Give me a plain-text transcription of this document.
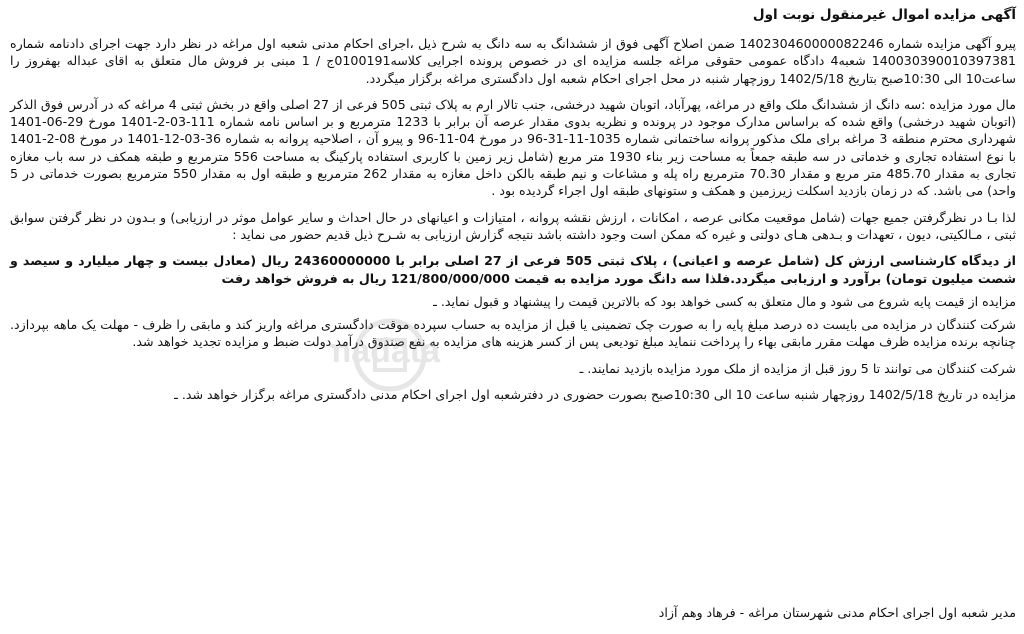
آگهی مزایده اموال غیرمنقول نوبت اول

پیرو آگهی مزایده شماره 140230460000082246 ضمن اصلاح آگهی فوق از ششدانگ به سه دانگ به شرح ذیل ،اجرای احکام مدنی شعبه اول مراغه در نظر دارد جهت اجرای دادنامه شماره 140030390010397381 شعبه4 دادگاه عمومی حقوقی مراغه جلسه مزایده ای در خصوص پرونده اجرایی کلاسه0100191ج / 1 مبنی بر فروش مال متعلق به اقای عبداله بهفروز را ساعت10 الی 10:30صبح بتاریخ 1402/5/18 روزچهار شنبه در محل اجرای احکام شعبه اول دادگستری مراغه برگزار میگردد.

مال مورد مزایده :سه دانگ از ششدانگ ملک واقع در مراغه، پهرآباد، اتوبان شهید درخشی، جنب تالار ارم به پلاک ثبتی 505 فرعی از 27 اصلی واقع در بخش ثبتی 4 مراغه که در آدرس فوق الذکر (اتوبان شهید درخشی) واقع شده که براساس مدارک موجود در پرونده و نظریه بدوی مقدار عرصه آن برابر با 1233 مترمربع و بر اساس نامه شماره 111-03-2-1401 مورخ 29-06-1401 شهرداری محترم منطقه 3 مراغه برای ملک مذکور پروانه ساختمانی شماره 1035-11-31-96 در مورخ 04-11-96 و پیرو آن ، اصلاحیه پروانه به شماره 36-03-12-1401 در مورخ 08-2-1401 با نوع استفاده تجاری و خدماتی در سه طبقه جمعاً به مساحت زیر بناء 1930 متر مربع (شامل زیر زمین با کاربری استفاده پارکینگ به مساحت 556 مترمربع و طبقه همکف در سه باب مغازه تجاری به مقدار 485.70 متر مربع و مقدار 70.30 مترمربع راه پله و مشاعات و نیم طبقه بالکن داخل مغازه به مقدار 262 مترمربع و طبقه اول به مقدار 550 مترمربع بصورت خدماتی در 5 واحد) می باشد. که در زمان بازدید اسکلت زیرزمین و همکف و ستونهای طبقه اول اجراء گردیده بود .

لذا بـا در نظرگرفتن جمیع جهات (شامل موقعیت مکانی عرصه ، امکانات ، ارزش نقشه پروانه ، امتیازات و اعیانهای در حال احداث و سایر عوامل موثر در ارزیابی) و بـدون در نظر گرفتن سوابق ثبتی ، مـالکیتی، دیون ، تعهدات و بـدهی هـای دولتی و غیره که ممکن است وجود داشته باشد نتیجه گزارش ارزیابی به شـرح ذیل قدیم حضور می نماید :

از دیدگاه کارشناسی ارزش کل (شامل عرصه و اعیانی) ، پلاک ثبتی 505 فرعی از 27 اصلی برابر با 24360000000 ریال (معادل بیست و چهار میلیارد و سیصد و شصت میلیون تومان) برآورد و ارزیابی میگردد.فلذا سه دانگ مورد مزایده به قیمت 121/800/000/000 ریال به فروش خواهد رفت

مزایده از قیمت پایه شروع می شود و مال متعلق به کسی خواهد بود که بالاترین قیمت را پیشنهاد و قبول نماید. ـ

شرکت کنندگان در مزایده می بایست ده درصد مبلغ پایه را به صورت چک تضمینی یا قبل از مزایده به حساب سپرده موقت دادگستری مراغه واریز کند و مابقی را ظرف - مهلت یک ماهه بپردازد. چنانچه برنده مزایده ظرف مهلت مقرر مابقی بهاء را پرداخت ننماید مبلغ تودیعی پس از کسر هزینه های مزایده به نفع صندوق درآمد دولت ضبط و مزایده تجدید خواهد شد.

شرکت کنندگان می توانند تا 5 روز قبل از مزایده از ملک مورد مزایده بازدید نمایند. ـ

مزایده در تاریخ 1402/5/18 روزچهار شنبه ساعت 10 الی 10:30صبح بصورت حضوری در دفترشعبه اول اجرای احکام مدنی دادگستری مراغه برگزار خواهد شد. ـ

madata
یده
مدیر شعبه اول اجرای احکام مدنی شهرستان مراغه - فرهاد وهم آزاد
